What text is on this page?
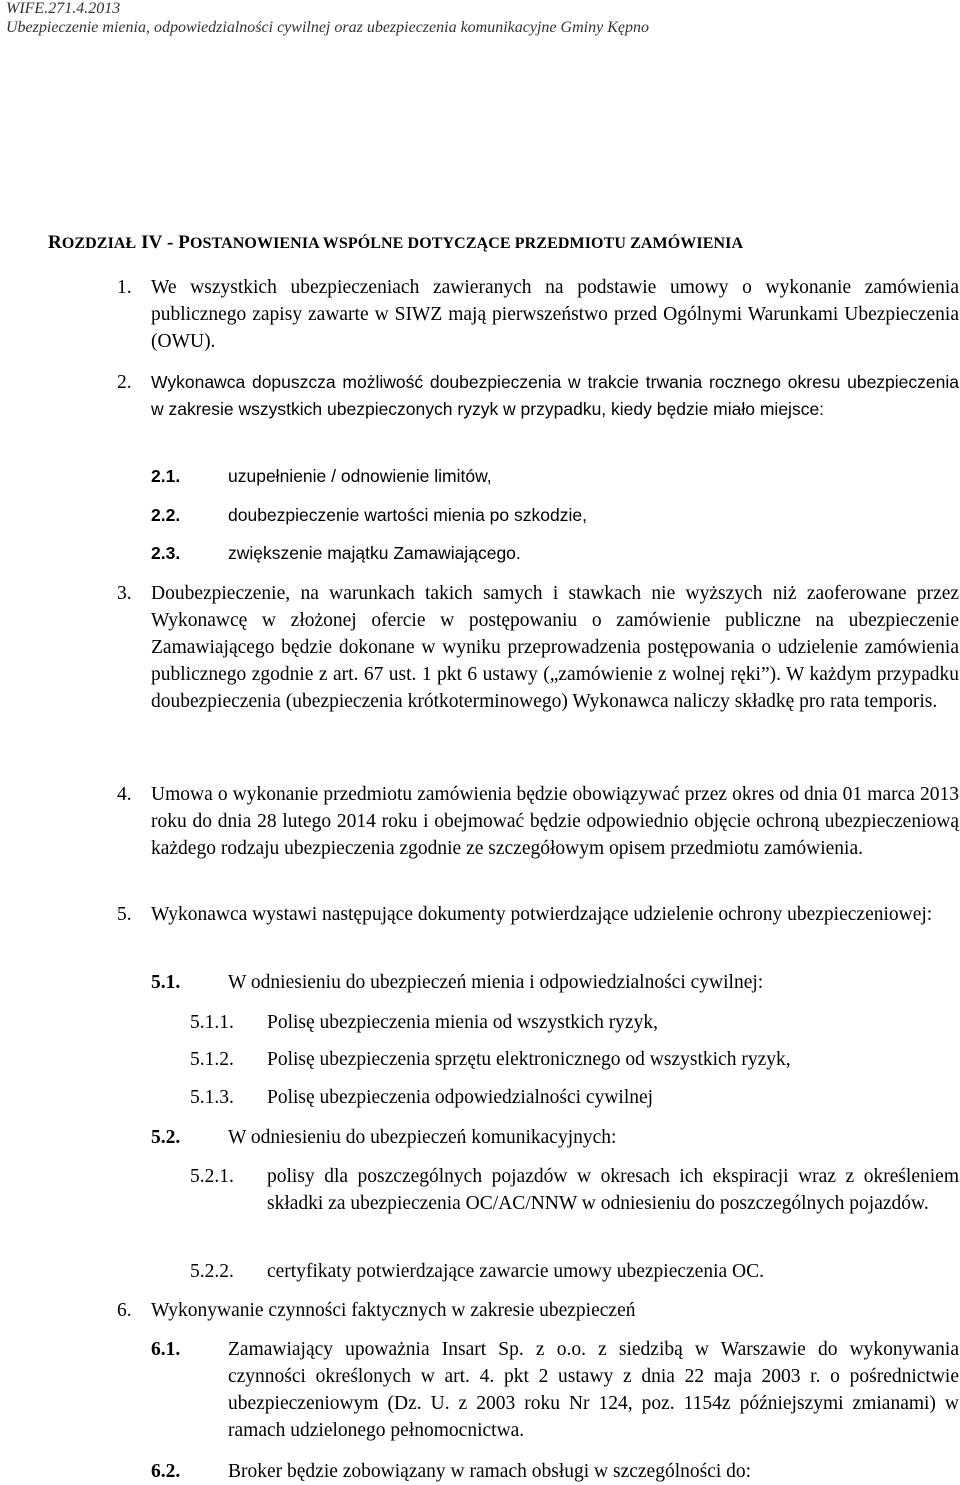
WIFE.271.4.2013
Ubezpieczenie mienia, odpowiedzialności cywilnej oraz ubezpieczenia komunikacyjne Gminy Kępno
ROZDZIAŁ IV - POSTANOWIENIA WSPÓLNE DOTYCZĄCE PRZEDMIOTU ZAMÓWIENIA
1. We wszystkich ubezpieczeniach zawieranych na podstawie umowy o wykonanie zamówienia publicznego zapisy zawarte w SIWZ mają pierwszeństwo przed Ogólnymi Warunkami Ubezpieczenia (OWU).
2. Wykonawca dopuszcza możliwość doubezpieczenia w trakcie trwania rocznego okresu ubezpieczenia w zakresie wszystkich ubezpieczonych ryzyk w przypadku, kiedy będzie miało miejsce:
2.1.	uzupełnienie / odnowienie limitów,
2.2.	doubezpieczenie wartości mienia po szkodzie,
2.3.	zwiększenie majątku Zamawiającego.
3. Doubezpieczenie, na warunkach takich samych i stawkach nie wyższych niż zaoferowane przez Wykonawcę w złożonej ofercie w postępowaniu o zamówienie publiczne na ubezpieczenie Zamawiającego będzie dokonane w wyniku przeprowadzenia postępowania o udzielenie zamówienia publicznego zgodnie z art. 67 ust. 1 pkt 6 ustawy („zamówienie z wolnej ręki”). W każdym przypadku doubezpieczenia (ubezpieczenia krótkoterminowego) Wykonawca naliczy składkę pro rata temporis.
4. Umowa o wykonanie przedmiotu zamówienia będzie obowiązywać przez okres od dnia 01 marca 2013 roku do dnia 28 lutego 2014 roku i obejmować będzie odpowiednio objęcie ochroną ubezpieczeniową każdego rodzaju ubezpieczenia zgodnie ze szczegółowym opisem przedmiotu zamówienia.
5. Wykonawca wystawi następujące dokumenty potwierdzające udzielenie ochrony ubezpieczeniowej:
5.1. W odniesieniu do ubezpieczeń mienia i odpowiedzialności cywilnej:
5.1.1. Polisę ubezpieczenia mienia od wszystkich ryzyk,
5.1.2. Polisę ubezpieczenia sprzętu elektronicznego od wszystkich ryzyk,
5.1.3. Polisę ubezpieczenia odpowiedzialności cywilnej
5.2. W odniesieniu do ubezpieczeń komunikacyjnych:
5.2.1. polisy dla poszczególnych pojazdów w okresach ich ekspiracji wraz z określeniem składki za ubezpieczenia OC/AC/NNW w odniesieniu do poszczególnych pojazdów.
5.2.2. certyfikaty potwierdzające zawarcie umowy ubezpieczenia OC.
6. Wykonywanie czynności faktycznych w zakresie ubezpieczeń
6.1. Zamawiający upoważnia Insart Sp. z o.o. z siedzibą w Warszawie do wykonywania czynności określonych w art. 4. pkt 2 ustawy z dnia 22 maja 2003 r. o pośrednictwie ubezpieczeniowym (Dz. U. z 2003 roku Nr 124, poz. 1154z późniejszymi zmianami) w ramach udzielonego pełnomocnictwa.
6.2. Broker będzie zobowiązany w ramach obsługi w szczególności do:
